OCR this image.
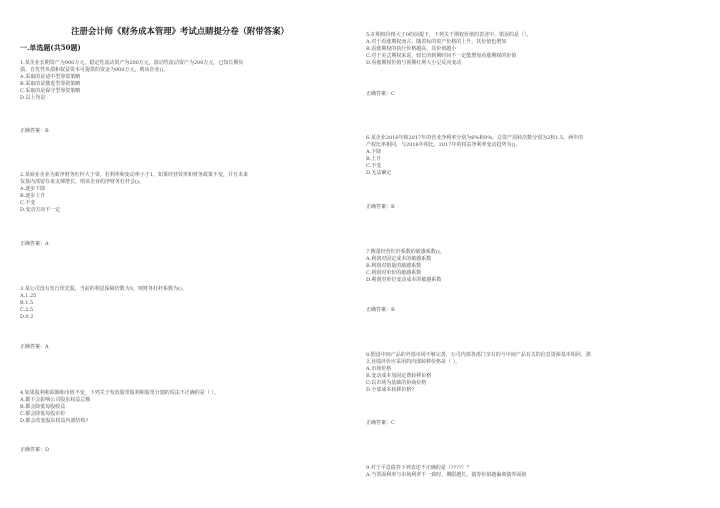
注册会计师《财务成本管理》考试点睛提分卷（附带答案）
一.单选题(共50题)
1.某企业长期资产为900万元，稳定性流动资产为200万元，波动性流动资产为200万元。已知长期负
债、自发性负债和权益资本可提供的资金为900万元，则该企业()。
A.采取的是适中型筹资策略
B.采取的是激进型筹资策略
C.采取的是保守型筹资策略
D.以上均是
正确答案：B
2.某商业企业为新净财务杠杆大于零。若利率和变动率小于1。如果经营效率和财务政策不变，并且未来
仅靠内部留存来支撑增长，则该企业的净财务杠杆会()。
A.逐步下降
B.逐步上升
C.不变
D.变动方向不一定
正确答案：A
3.某公司没有发行优先股，当前的利息保障倍数为3，则财务杠杆系数为()。
A.1.25
B.1.5
C.2.5
D.0.2
正确答案：A
4.如果股利和面额和市值不变，下列关于发放股票股利和股票分割的说法不正确的是（ ）。
A.都不会影响公司股东权益总额
B.都会降低每股收益
C.都会降低每股市价
D.都会改变股东权益内部结构?
正确答案：D
5.在期权价格大于0的前提下，下列关于期权价值的表述中，错误的是（）。
A.对于看涨期权而言，随着标的资产价格的上升，其价值也增加
B.看涨期权的执行价格越高，其价值越小
C.对于美式期权来说，较长的到期时间不一定能增加看涨期权的价值
D.看涨期权价值与预期红利大小呈反向变动
正确答案：C
6.某企业2016年和2017年的营业净利率分别为6%和9%，总资产周转次数分别为2和1.5，两年的
产权比率相同，与2016年相比，2017年的权益净利率变动趋势为()。
A.下降
B.上升
C.不变
D.无法确定
正确答案：B
7.衡量经营杠杆系数的敏感系数()。
A.利润对固定成本的敏感系数
B.利润对销量的敏感系数
C.利润对单价的敏感系数
D.利润对单位变动成本的敏感系数
正确答案：B
8.假设中间产品的外部市场不够完善，公司内部各部门享有的与中间产品有关的信息资源基本相同，那
么业绩评价应采用的内部转移价格是（ ）。
A.市场价格
B.变动成本加固定费转移价格
C.以市场为基础的协商价格
D.全部成本转移价格?
正确答案：C
9.对于平息债券下列表述不正确的是（????）？
A.当票面利率与市场利率不一致时，期限越长，债券价值越偏离债券面值
